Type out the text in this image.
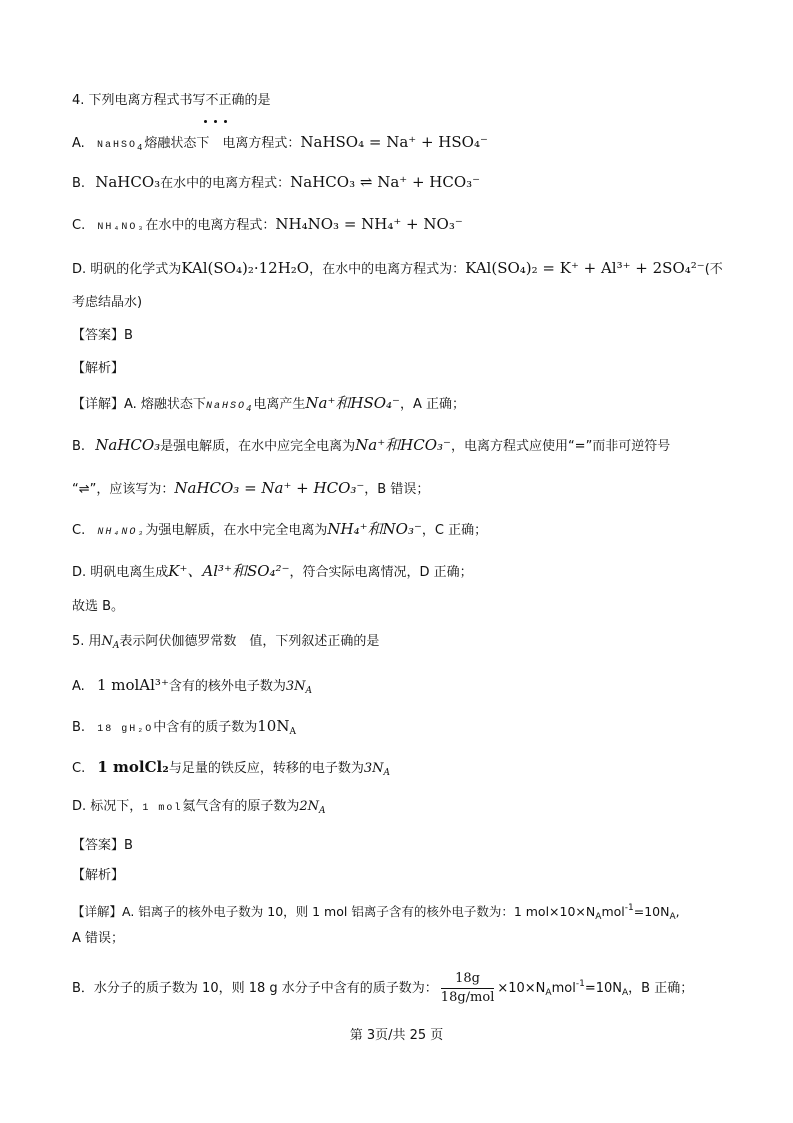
4. 下列电离方程式书写不正确的是
A. NaHSO$_4$熔融状态下　电离方程式：NaHSO₄ = Na⁺ + HSO₄⁻
B. NaHCO₃在水中的电离方程式：NaHCO₃ ⇌ Na⁺ + HCO₃⁻
C. NH₄NO₃在水中的电离方程式：NH₄NO₃ = NH₄⁺ + NO₃⁻
D. 明矾的化学式为KAl(SO₄)₂·12H₂O，在水中的电离方程式为：KAl(SO₄)₂ = K⁺ + Al³⁺ + 2SO₄²⁻(不
考虑结晶水)
【答案】B
【解析】
【详解】A. 熔融状态下NaHSO$_4$电离产生Na⁺和HSO₄⁻，A 正确；
B. NaHCO₃是强电解质，在水中应完全电离为Na⁺和HCO₃⁻，电离方程式应使用“=”而非可逆符号
“⇌”，应该写为：NaHCO₃ = Na⁺ + HCO₃⁻，B 错误；
C. NH₄NO₃为强电解质，在水中完全电离为NH₄⁺和NO₃⁻，C 正确；
D. 明矾电离生成K⁺、Al³⁺和SO₄²⁻，符合实际电离情况，D 正确；
故选 B。
5. 用$N_A$表示阿伏伽德罗常数　值，下列叙述正确的是
A. 1 molAl³⁺含有的核外电子数为$3N_A$
B. 18 gH₂O中含有的质子数为$10N_A$
C. 1 molCl₂与足量的铁反应，转移的电子数为$3N_A$
D. 标况下，1 mol氦气含有的原子数为$2N_A$
【答案】B
【解析】
【详解】A. 铝离子的核外电子数为 10，则 1 mol 铝离子含有的核外电子数为：1 $mol\times 10\times N_Amol^{-1}=10N_A$,
A 错误；
B．水分子的质子数为 10，则 18 g 水分子中含有的质子数为： $\frac{18g}{\text{18g/mol}} \times 10\times N_Amol^{-1}=10N_A$，B 正确；
第 3页/共 25 页
